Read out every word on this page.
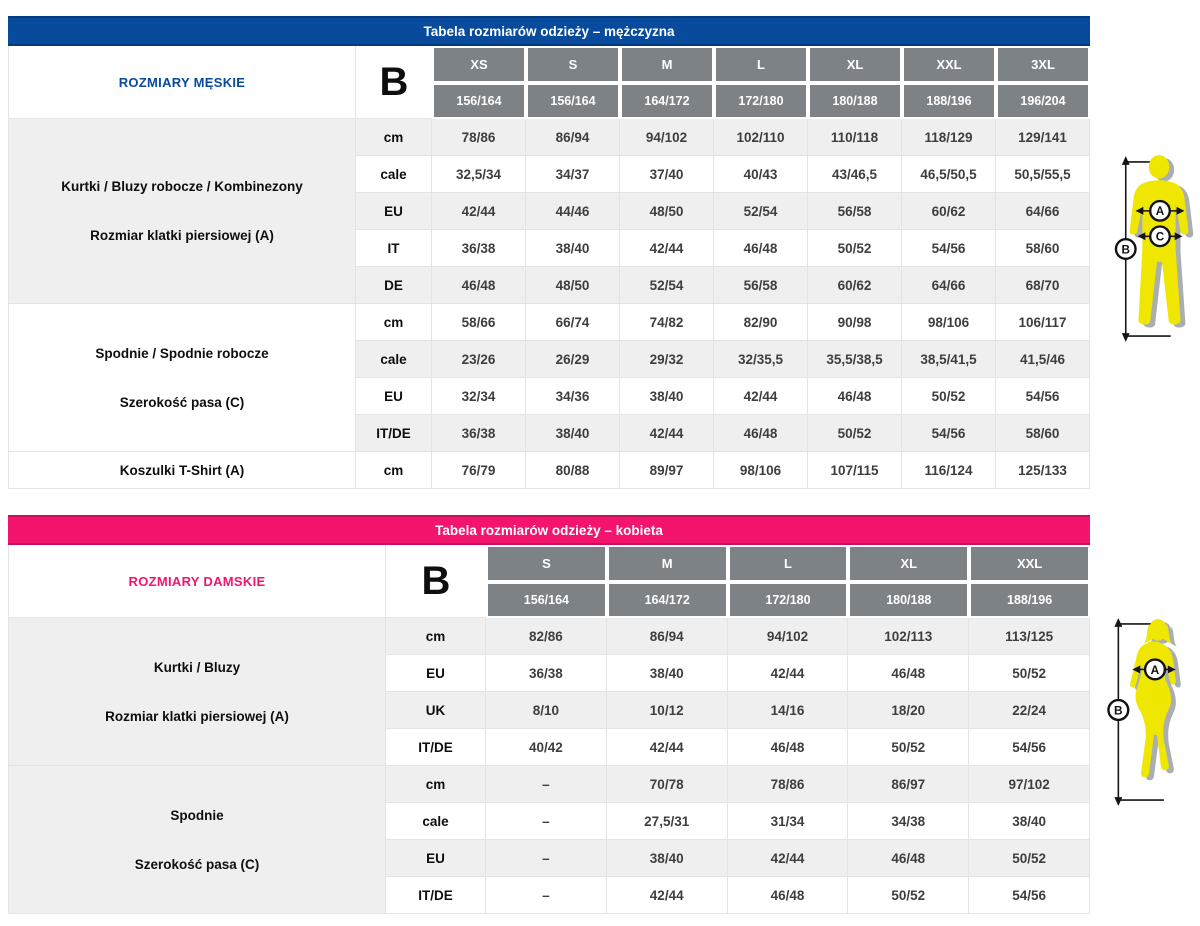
Tabela rozmiarów odzieży – mężczyzna
ROZMIARY MĘSKIE	B	XS	S	M	L	XL	XXL	3XL
		156/164	156/164	164/172	172/180	180/188	188/196	196/204

Kurtki / Bluzy robocze / Kombinezony
Rozmiar klatki piersiowej (A)	cm	78/86	86/94	94/102	102/110	110/118	118/129	129/141
	cale	32,5/34	34/37	37/40	40/43	43/46,5	46,5/50,5	50,5/55,5
	EU	42/44	44/46	48/50	52/54	56/58	60/62	64/66
	IT	36/38	38/40	42/44	46/48	50/52	54/56	58/60
	DE	46/48	48/50	52/54	56/58	60/62	64/66	68/70

Spodnie / Spodnie robocze
Szerokość pasa (C)	cm	58/66	66/74	74/82	82/90	90/98	98/106	106/117
	cale	23/26	26/29	29/32	32/35,5	35,5/38,5	38,5/41,5	41,5/46
	EU	32/34	34/36	38/40	42/44	46/48	50/52	54/56
	IT/DE	36/38	38/40	42/44	46/48	50/52	54/56	58/60

Koszulki T-Shirt (A)	cm	76/79	80/88	89/97	98/106	107/115	116/124	125/133
A
C
B
Tabela rozmiarów odzieży – kobieta
ROZMIARY DAMSKIE	B	S	M	L	XL	XXL
		156/164	164/172	172/180	180/188	188/196

Kurtki / Bluzy
Rozmiar klatki piersiowej (A)	cm	82/86	86/94	94/102	102/113	113/125
	EU	36/38	38/40	42/44	46/48	50/52
	UK	8/10	10/12	14/16	18/20	22/24
	IT/DE	40/42	42/44	46/48	50/52	54/56

Spodnie
Szerokość pasa (C)	cm	–	70/78	78/86	86/97	97/102
	cale	–	27,5/31	31/34	34/38	38/40
	EU	–	38/40	42/44	46/48	50/52
	IT/DE	–	42/44	46/48	50/52	54/56
A
B
